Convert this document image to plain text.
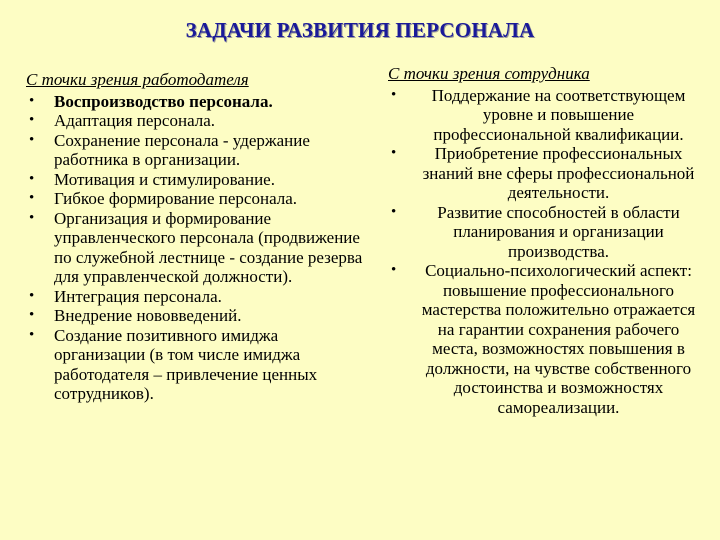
ЗАДАЧИ РАЗВИТИЯ ПЕРСОНАЛА
С точки зрения работодателя
• Воспроизводство персонала.
• Адаптация персонала.
• Сохранение персонала - удержание работника в организации.
• Мотивация и стимулирование.
• Гибкое формирование персонала.
• Организация и формирование управленческого персонала (продвижение по служебной лестнице - создание резерва для управленческой должности).
• Интеграция персонала.
• Внедрение нововведений.
• Создание позитивного имиджа организации (в том числе имиджа работодателя – привлечение ценных сотрудников).
С точки зрения сотрудника
•	Поддержание на соответствующем уровне и повышение профессиональной квалификации.
•	Приобретение профессиональных знаний вне сферы профессиональной деятельности.
•	Развитие способностей в области планирования и организации производства.
•	Социально-психологический аспект: повышение профессионального мастерства положительно отражается на гарантии сохранения рабочего места, возможностях повышения в должности, на чувстве собственного достоинства и возможностях самореализации.
